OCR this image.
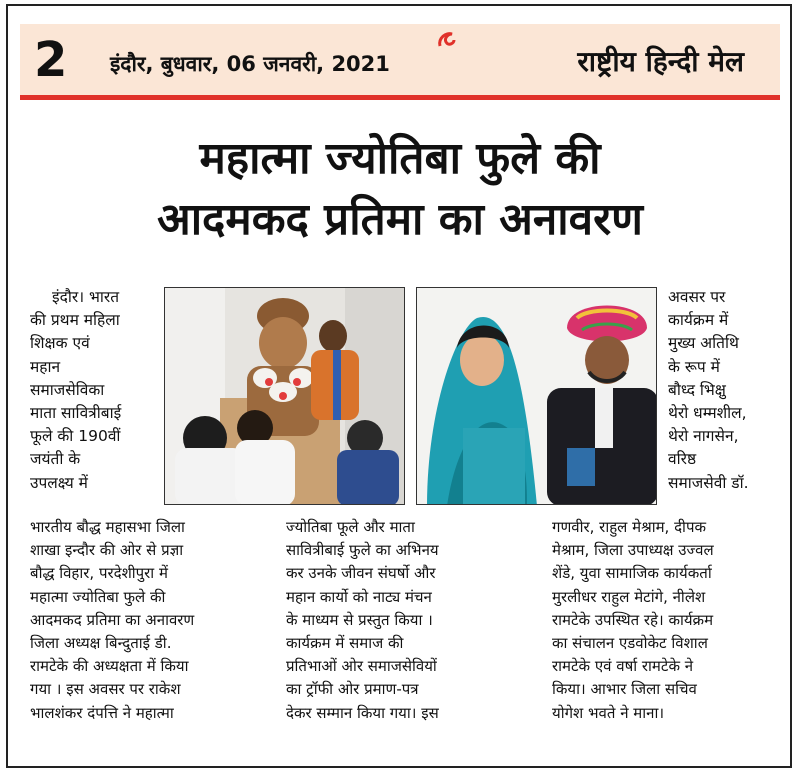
2 इंदौर, बुधवार, 06 जनवरी, 2021	राष्ट्रीय हिन्दी मेल
महात्मा ज्योतिबा फुले की
आदमकद प्रतिमा का अनावरण
इंदौर। भारत
की प्रथम महिला
शिक्षक एवं
महान
समाजसेविका
माता सावित्रीबाई
फूले की 190वीं
जयंती के
उपलक्ष्य में
अवसर पर
कार्यक्रम में
मुख्य अतिथि
के रूप में
बौध्द भिक्षु
थेरो धम्मशील,
थेरो नागसेन,
वरिष्ठ
समाजसेवी डॉ.
भारतीय बौद्ध महासभा जिला
शाखा इन्दौर की ओर से प्रज्ञा
बौद्ध विहार, परदेशीपुरा में
महात्मा ज्योतिबा फुले की
आदमकद प्रतिमा का अनावरण
जिला अध्यक्ष बिन्दुताई डी.
रामटेके की अध्यक्षता में किया
गया । इस अवसर पर राकेश
भालशंकर दंपत्ति ने महात्मा
ज्योतिबा फूले और माता
सावित्रीबाई फुले का अभिनय
कर उनके जीवन संघर्षो और
महान कार्यो को नाट्य मंचन
के माध्यम से प्रस्तुत किया ।
कार्यक्रम में समाज की
प्रतिभाओं ओर समाजसेवियों
का ट्रॉफी ओर प्रमाण-पत्र
देकर सम्मान किया गया। इस
गणवीर, राहुल मेश्राम, दीपक
मेश्राम, जिला उपाध्यक्ष उज्वल
शेंडे, युवा सामाजिक कार्यकर्ता
मुरलीधर राहुल मेटांगे, नीलेश
रामटेके उपस्थित रहे। कार्यक्रम
का संचालन एडवोकेट विशाल
रामटेके एवं वर्षा रामटेके ने
किया। आभार जिला सचिव
योगेश भवते ने माना।
